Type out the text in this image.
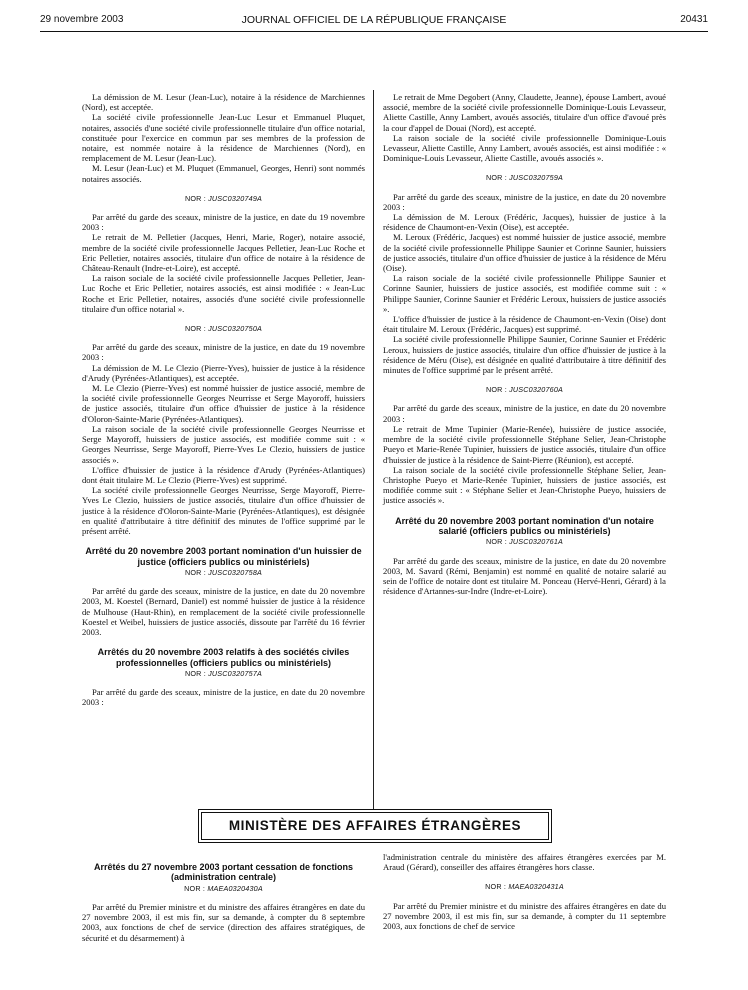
29 novembre 2003	JOURNAL OFFICIEL DE LA RÉPUBLIQUE FRANÇAISE	20431

La démission de M. Lesur (Jean-Luc), notaire à la résidence de Marchiennes (Nord), est acceptée.

La société civile professionnelle Jean-Luc Lesur et Emmanuel Pluquet, notaires, associés d'une société civile professionnelle titulaire d'un office notarial, constituée pour l'exercice en commun par ses membres de la profession de notaire, est nommée notaire à la résidence de Marchiennes (Nord), en remplacement de M. Lesur (Jean-Luc).

M. Lesur (Jean-Luc) et M. Pluquet (Emmanuel, Georges, Henri) sont nommés notaires associés.

NOR : JUSC0320749A

Par arrêté du garde des sceaux, ministre de la justice, en date du 19 novembre 2003 :

Le retrait de M. Pelletier (Jacques, Henri, Marie, Roger), notaire associé, membre de la société civile professionnelle Jacques Pelletier, Jean-Luc Roche et Eric Pelletier, notaires associés, titulaire d'un office de notaire à la résidence de Château-Renault (Indre-et-Loire), est accepté.

La raison sociale de la société civile professionnelle Jacques Pelletier, Jean-Luc Roche et Eric Pelletier, notaires associés, est ainsi modifiée : « Jean-Luc Roche et Eric Pelletier, notaires, associés d'une société civile professionnelle titulaire d'un office notarial ».

NOR : JUSC0320750A

Par arrêté du garde des sceaux, ministre de la justice, en date du 19 novembre 2003 :

La démission de M. Le Clezio (Pierre-Yves), huissier de justice à la résidence d'Arudy (Pyrénées-Atlantiques), est acceptée.

M. Le Clezio (Pierre-Yves) est nommé huissier de justice associé, membre de la société civile professionnelle Georges Neurrisse et Serge Mayoroff, huissiers de justice associés, titulaire d'un office d'huissier de justice à la résidence d'Oloron-Sainte-Marie (Pyrénées-Atlantiques).

La raison sociale de la société civile professionnelle Georges Neurrisse et Serge Mayoroff, huissiers de justice associés, est modifiée comme suit : « Georges Neurrisse, Serge Mayoroff, Pierre-Yves Le Clezio, huissiers de justice associés ».

L'office d'huissier de justice à la résidence d'Arudy (Pyrénées-Atlantiques) dont était titulaire M. Le Clezio (Pierre-Yves) est supprimé.

La société civile professionnelle Georges Neurrisse, Serge Mayoroff, Pierre-Yves Le Clezio, huissiers de justice associés, titulaire d'un office d'huissier de justice à la résidence d'Oloron-Sainte-Marie (Pyrénées-Atlantiques), est désignée en qualité d'attributaire à titre définitif des minutes de l'office supprimé par le présent arrêté.

Arrêté du 20 novembre 2003 portant nomination d'un huissier de justice (officiers publics ou ministériels)
NOR : JUSC0320758A

Par arrêté du garde des sceaux, ministre de la justice, en date du 20 novembre 2003, M. Koestel (Bernard, Daniel) est nommé huissier de justice à la résidence de Mulhouse (Haut-Rhin), en remplacement de la société civile professionnelle Koestel et Weibel, huissiers de justice associés, dissoute par l'arrêté du 16 février 2003.

Arrêtés du 20 novembre 2003 relatifs à des sociétés civiles professionnelles (officiers publics ou ministériels)
NOR : JUSC0320757A

Par arrêté du garde des sceaux, ministre de la justice, en date du 20 novembre 2003 :

Le retrait de Mme Degobert (Anny, Claudette, Jeanne), épouse Lambert, avoué associé, membre de la société civile professionnelle Dominique-Louis Levasseur, Aliette Castille, Anny Lambert, avoués associés, titulaire d'un office d'avoué près la cour d'appel de Douai (Nord), est accepté.

La raison sociale de la société civile professionnelle Dominique-Louis Levasseur, Aliette Castille, Anny Lambert, avoués associés, est ainsi modifiée : « Dominique-Louis Levasseur, Aliette Castille, avoués associés ».

NOR : JUSC0320759A

Par arrêté du garde des sceaux, ministre de la justice, en date du 20 novembre 2003 :

La démission de M. Leroux (Frédéric, Jacques), huissier de justice à la résidence de Chaumont-en-Vexin (Oise), est acceptée.

M. Leroux (Frédéric, Jacques) est nommé huissier de justice associé, membre de la société civile professionnelle Philippe Saunier et Corinne Saunier, huissiers de justice associés, titulaire d'un office d'huissier de justice à la résidence de Méru (Oise).

La raison sociale de la société civile professionnelle Philippe Saunier et Corinne Saunier, huissiers de justice associés, est modifiée comme suit : « Philippe Saunier, Corinne Saunier et Frédéric Leroux, huissiers de justice associés ».

L'office d'huissier de justice à la résidence de Chaumont-en-Vexin (Oise) dont était titulaire M. Leroux (Frédéric, Jacques) est supprimé.

La société civile professionnelle Philippe Saunier, Corinne Saunier et Frédéric Leroux, huissiers de justice associés, titulaire d'un office d'huissier de justice à la résidence de Méru (Oise), est désignée en qualité d'attributaire à titre définitif des minutes de l'office supprimé par le présent arrêté.

NOR : JUSC0320760A

Par arrêté du garde des sceaux, ministre de la justice, en date du 20 novembre 2003 :

Le retrait de Mme Tupinier (Marie-Renée), huissière de justice associée, membre de la société civile professionnelle Stéphane Selier, Jean-Christophe Pueyo et Marie-Renée Tupinier, huissiers de justice associés, titulaire d'un office d'huissier de justice à la résidence de Saint-Pierre (Réunion), est accepté.

La raison sociale de la société civile professionnelle Stéphane Selier, Jean-Christophe Pueyo et Marie-Renée Tupinier, huissiers de justice associés, est modifiée comme suit : « Stéphane Selier et Jean-Christophe Pueyo, huissiers de justice associés ».

Arrêté du 20 novembre 2003 portant nomination d'un notaire salarié (officiers publics ou ministériels)
NOR : JUSC0320761A

Par arrêté du garde des sceaux, ministre de la justice, en date du 20 novembre 2003, M. Savard (Rémi, Benjamin) est nommé en qualité de notaire salarié au sein de l'office de notaire dont est titulaire M. Ponceau (Hervé-Henri, Gérard) à la résidence d'Artannes-sur-Indre (Indre-et-Loire).

MINISTÈRE DES AFFAIRES ÉTRANGÈRES
Arrêtés du 27 novembre 2003 portant cessation de fonctions (administration centrale)
NOR : MAEA0320430A

Par arrêté du Premier ministre et du ministre des affaires étrangères en date du 27 novembre 2003, il est mis fin, sur sa demande, à compter du 8 septembre 2003, aux fonctions de chef de service (direction des affaires stratégiques, de sécurité et du désarmement) à

l'administration centrale du ministère des affaires étrangères exercées par M. Araud (Gérard), conseiller des affaires étrangères hors classe.

NOR : MAEA0320431A

Par arrêté du Premier ministre et du ministre des affaires étrangères en date du 27 novembre 2003, il est mis fin, sur sa demande, à compter du 11 septembre 2003, aux fonctions de chef de service
